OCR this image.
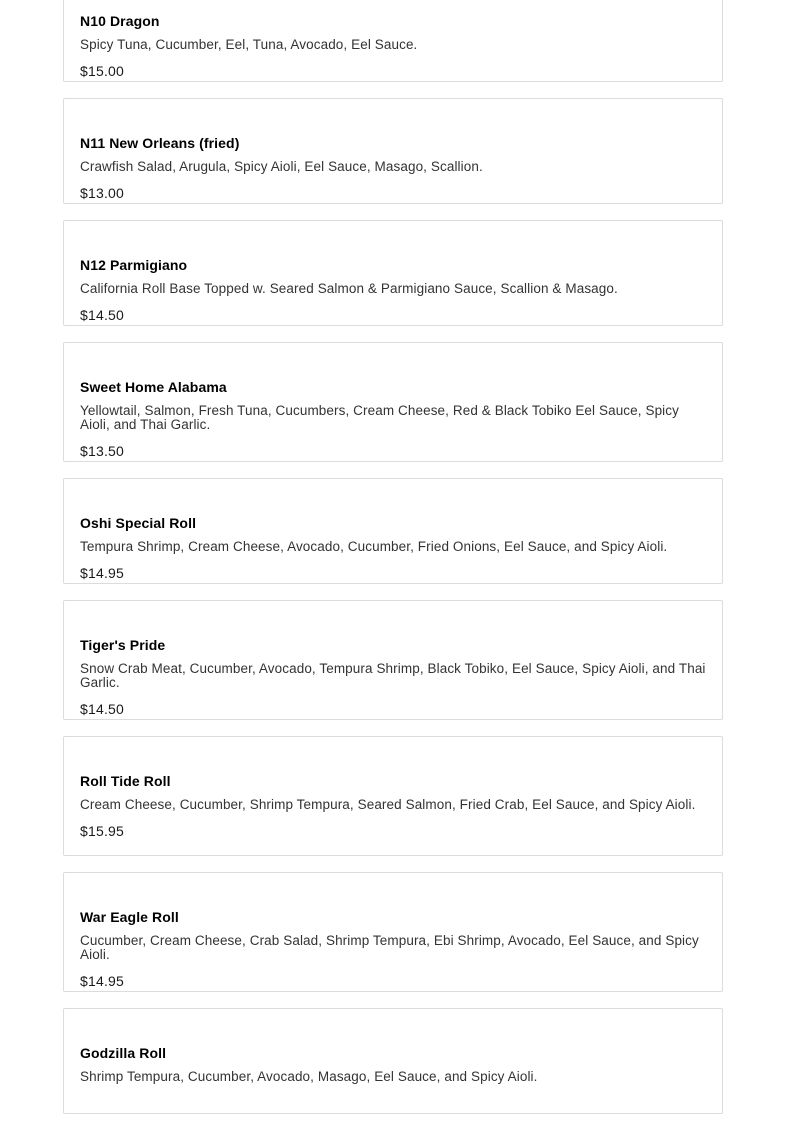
N10 Dragon
Spicy Tuna, Cucumber, Eel, Tuna, Avocado, Eel Sauce.
$15.00
N11 New Orleans (fried)
Crawfish Salad, Arugula, Spicy Aioli, Eel Sauce, Masago, Scallion.
$13.00
N12 Parmigiano
California Roll Base Topped w. Seared Salmon & Parmigiano Sauce, Scallion & Masago.
$14.50
Sweet Home Alabama
Yellowtail, Salmon, Fresh Tuna, Cucumbers, Cream Cheese, Red & Black Tobiko Eel Sauce, Spicy Aioli, and Thai Garlic.
$13.50
Oshi Special Roll
Tempura Shrimp, Cream Cheese, Avocado, Cucumber, Fried Onions, Eel Sauce, and Spicy Aioli.
$14.95
Tiger's Pride
Snow Crab Meat, Cucumber, Avocado, Tempura Shrimp, Black Tobiko, Eel Sauce, Spicy Aioli, and Thai Garlic.
$14.50
Roll Tide Roll
Cream Cheese, Cucumber, Shrimp Tempura, Seared Salmon, Fried Crab, Eel Sauce, and Spicy Aioli.
$15.95
War Eagle Roll
Cucumber, Cream Cheese, Crab Salad, Shrimp Tempura, Ebi Shrimp, Avocado, Eel Sauce, and Spicy Aioli.
$14.95
Godzilla Roll
Shrimp Tempura, Cucumber, Avocado, Masago, Eel Sauce, and Spicy Aioli.
